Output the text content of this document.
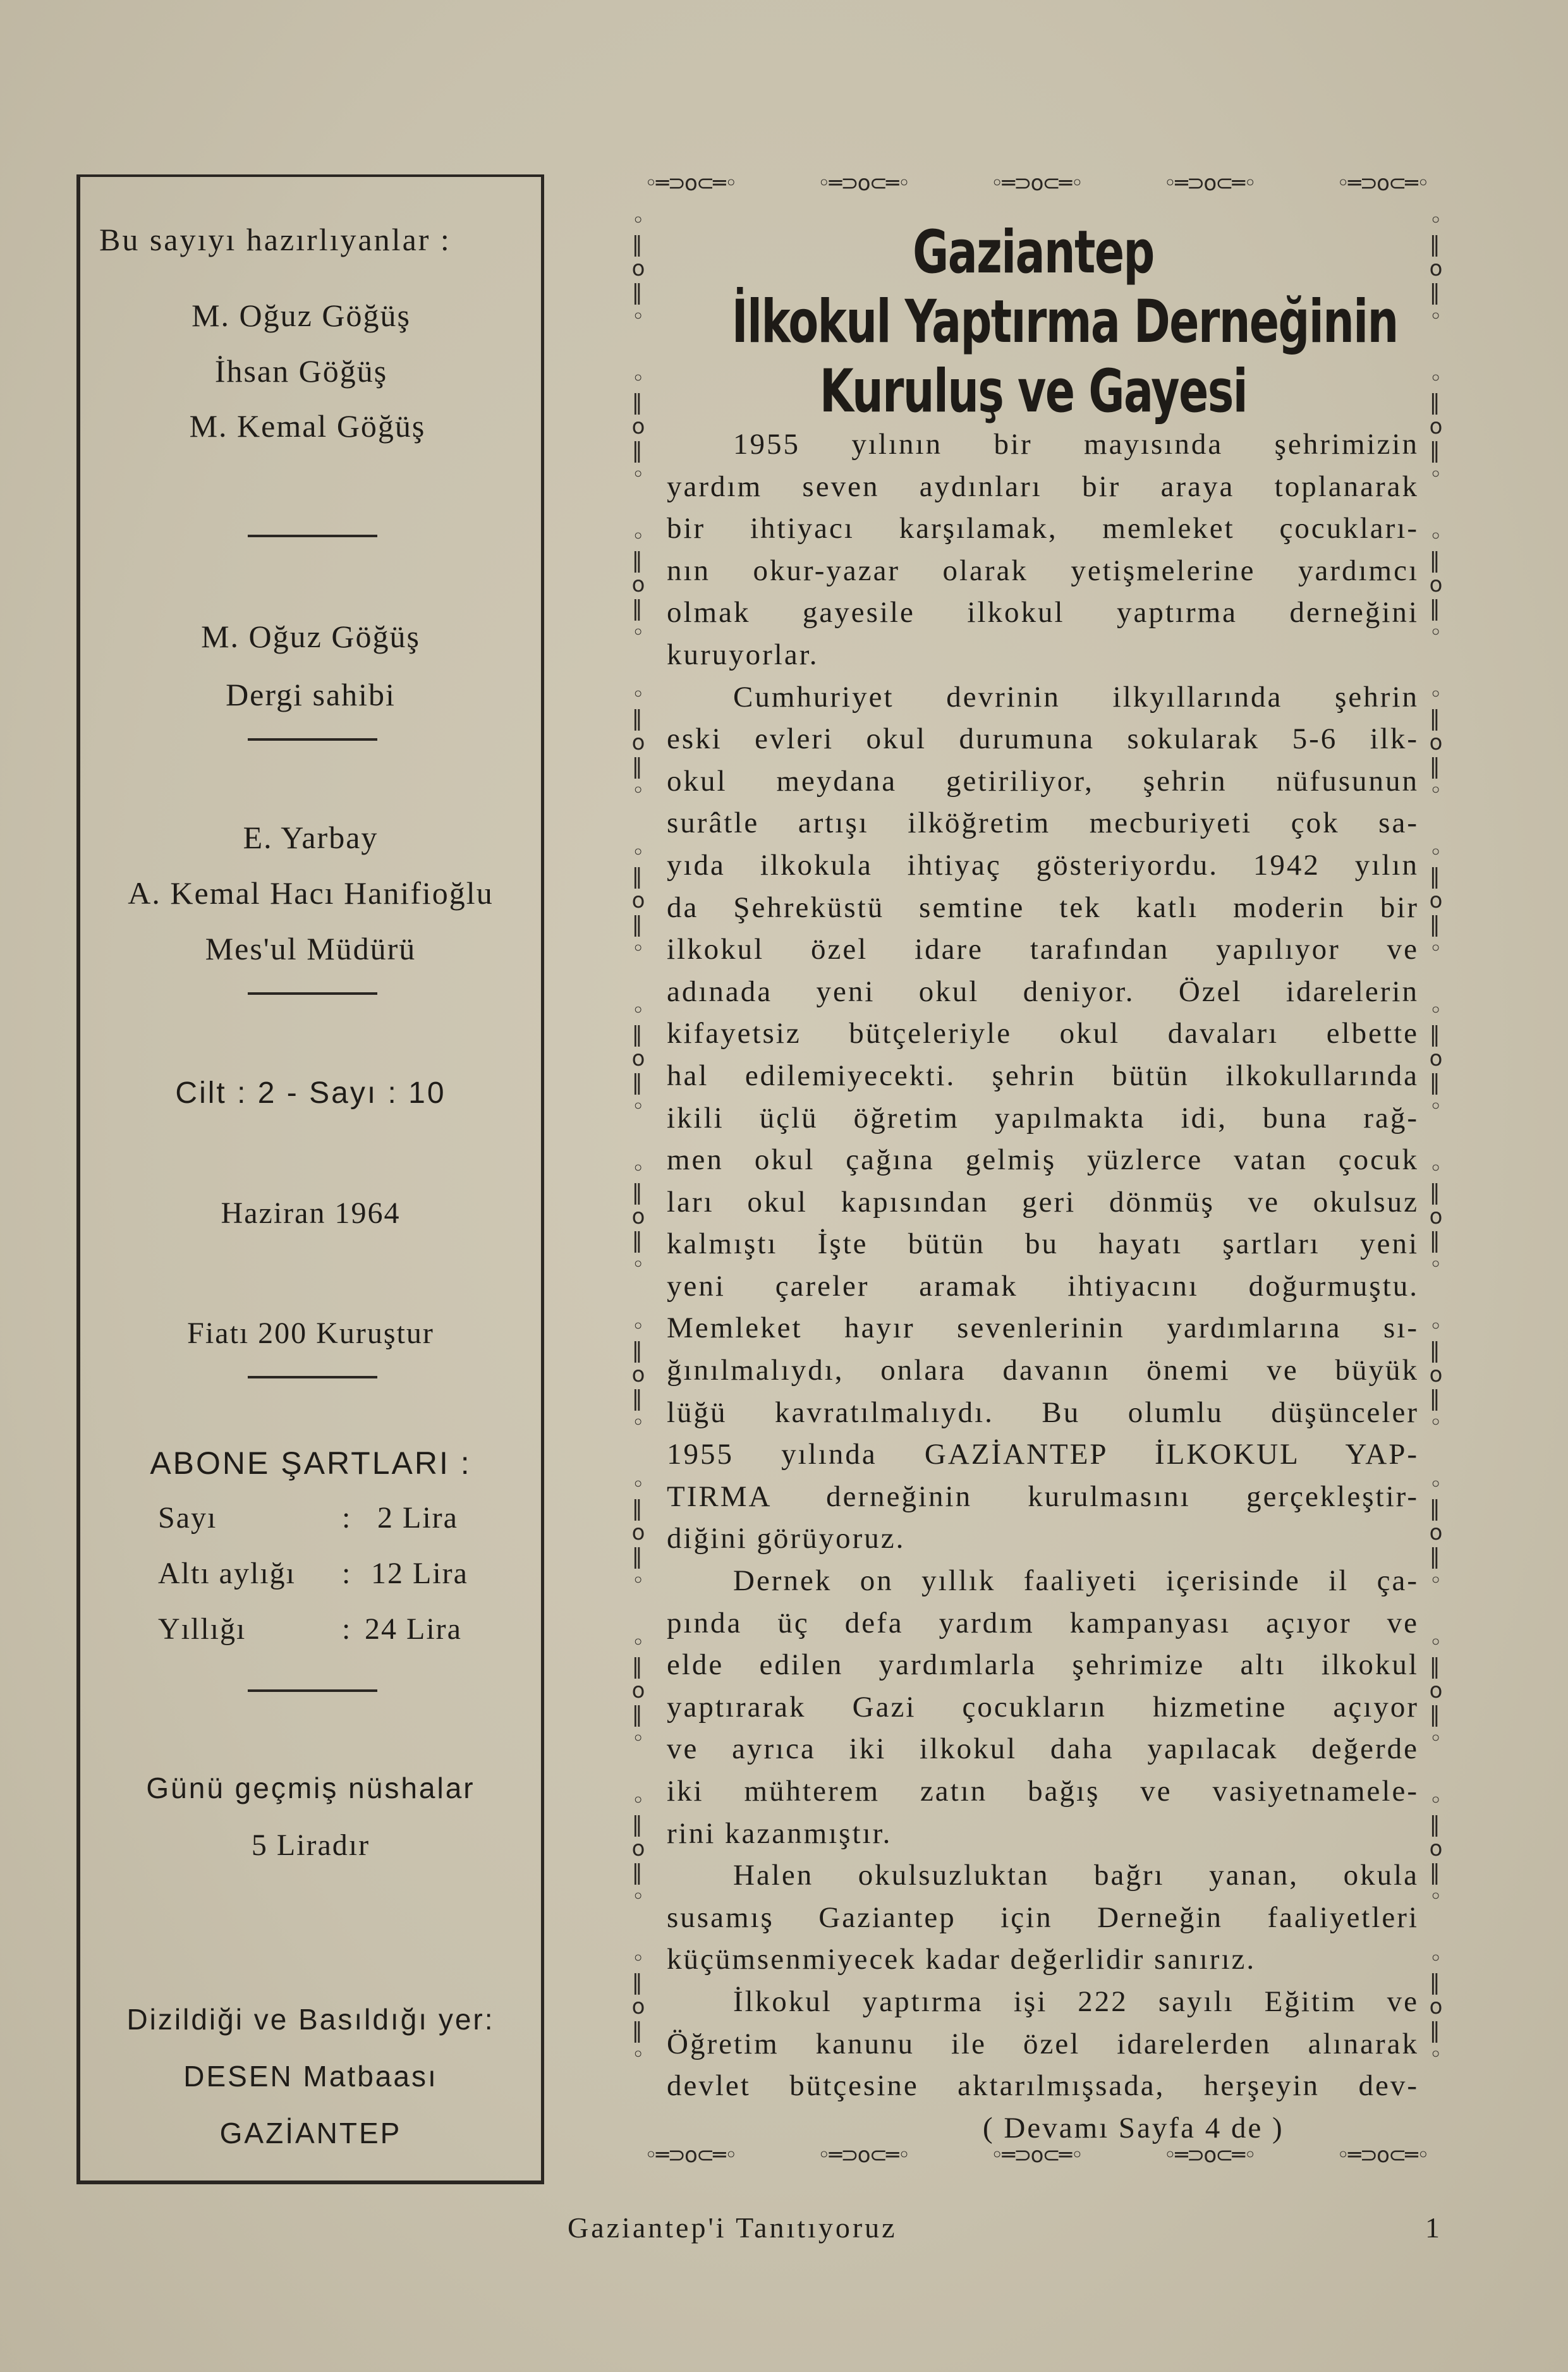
Bu sayıyı hazırlıyanlar :
M. Oğuz Göğüş
İhsan Göğüş
M. Kemal Göğüş
M. Oğuz Göğüş
Dergi sahibi
E. Yarbay
A. Kemal Hacı Hanifioğlu
Mes'ul Müdürü
Cilt : 2 - Sayı : 10
Haziran 1964
Fiatı 200 Kuruştur
ABONE ŞARTLARI :
Sayı	: 2 Lira
Altı aylığı : 12 Lira
Yıllığı	: 24 Lira
Günü geçmiş nüshalar
5 Liradır
Dizildiği ve Basıldığı yer:
DESEN Matbaası
GAZİANTEP
◦═⊃o⊂═◦	◦═⊃o⊂═◦	◦═⊃o⊂═◦	◦═⊃o⊂═◦	◦═⊃o⊂═◦
◦
‖
o
‖
◦
◦
‖
o
‖
◦
◦
‖
o
‖
◦
◦
‖
o
‖
◦
◦
‖
o
‖
◦
◦
‖
o
‖
◦
◦
‖
o
‖
◦
◦
‖
o
‖
◦
◦
‖
o
‖
◦
◦
‖
o
‖
◦
◦
‖
o
‖
◦
◦
‖
o
‖
◦
◦
‖
o
‖
◦
◦
‖
o
‖
◦
◦
‖
o
‖
◦
◦
‖
o
‖
◦
◦
‖
o
‖
◦
◦
‖
o
‖
◦
◦
‖
o
‖
◦
◦
‖
o
‖
◦
◦
‖
o
‖
◦
◦
‖
o
‖
◦
◦
‖
o
‖
◦
◦
‖
o
‖
◦
Gaziantep
İlkokul Yaptırma Derneğinin
Kuruluş ve Gayesi
1955 yılının bir mayısında şehrimizin
yardım seven aydınları bir araya toplanarak
bir ihtiyacı karşılamak, memleket çocukları-
nın okur-yazar olarak yetişmelerine yardımcı
olmak gayesile ilkokul yaptırma derneğini
kuruyorlar.
Cumhuriyet devrinin ilkyıllarında şehrin
eski evleri okul durumuna sokularak 5-6 ilk-
okul meydana getiriliyor, şehrin nüfusunun
surâtle artışı ilköğretim mecburiyeti çok sa-
yıda ilkokula ihtiyaç gösteriyordu. 1942 yılın
da Şehreküstü semtine tek katlı moderin bir
ilkokul özel idare tarafından yapılıyor ve
adınada yeni okul deniyor. Özel idarelerin
kifayetsiz bütçeleriyle okul davaları elbette
hal edilemiyecekti. şehrin bütün ilkokullarında
ikili üçlü öğretim yapılmakta idi, buna rağ-
men okul çağına gelmiş yüzlerce vatan çocuk
ları okul kapısından geri dönmüş ve okulsuz
kalmıştı İşte bütün bu hayatı şartları yeni
yeni çareler aramak ihtiyacını doğurmuştu.
Memleket hayır sevenlerinin yardımlarına sı-
ğınılmalıydı, onlara davanın önemi ve büyük
lüğü kavratılmalıydı. Bu olumlu düşünceler
1955 yılında GAZİANTEP İLKOKUL YAP-
TIRMA derneğinin kurulmasını gerçekleştir-
diğini görüyoruz.
Dernek on yıllık faaliyeti içerisinde il ça-
pında üç defa yardım kampanyası açıyor ve
elde edilen yardımlarla şehrimize altı ilkokul
yaptırarak Gazi çocukların hizmetine açıyor
ve ayrıca iki ilkokul daha yapılacak değerde
iki mühterem zatın bağış ve vasiyetnamele-
rini kazanmıştır.
Halen okulsuzluktan bağrı yanan, okula
susamış Gaziantep için Derneğin faaliyetleri
küçümsenmiyecek kadar değerlidir sanırız.
İlkokul yaptırma işi 222 sayılı Eğitim ve
Öğretim kanunu ile özel idarelerden alınarak
devlet bütçesine aktarılmışsada, herşeyin dev-
( Devamı Sayfa 4 de )
◦═⊃o⊂═◦	◦═⊃o⊂═◦	◦═⊃o⊂═◦	◦═⊃o⊂═◦	◦═⊃o⊂═◦
Gaziantep'i Tanıtıyoruz	1
